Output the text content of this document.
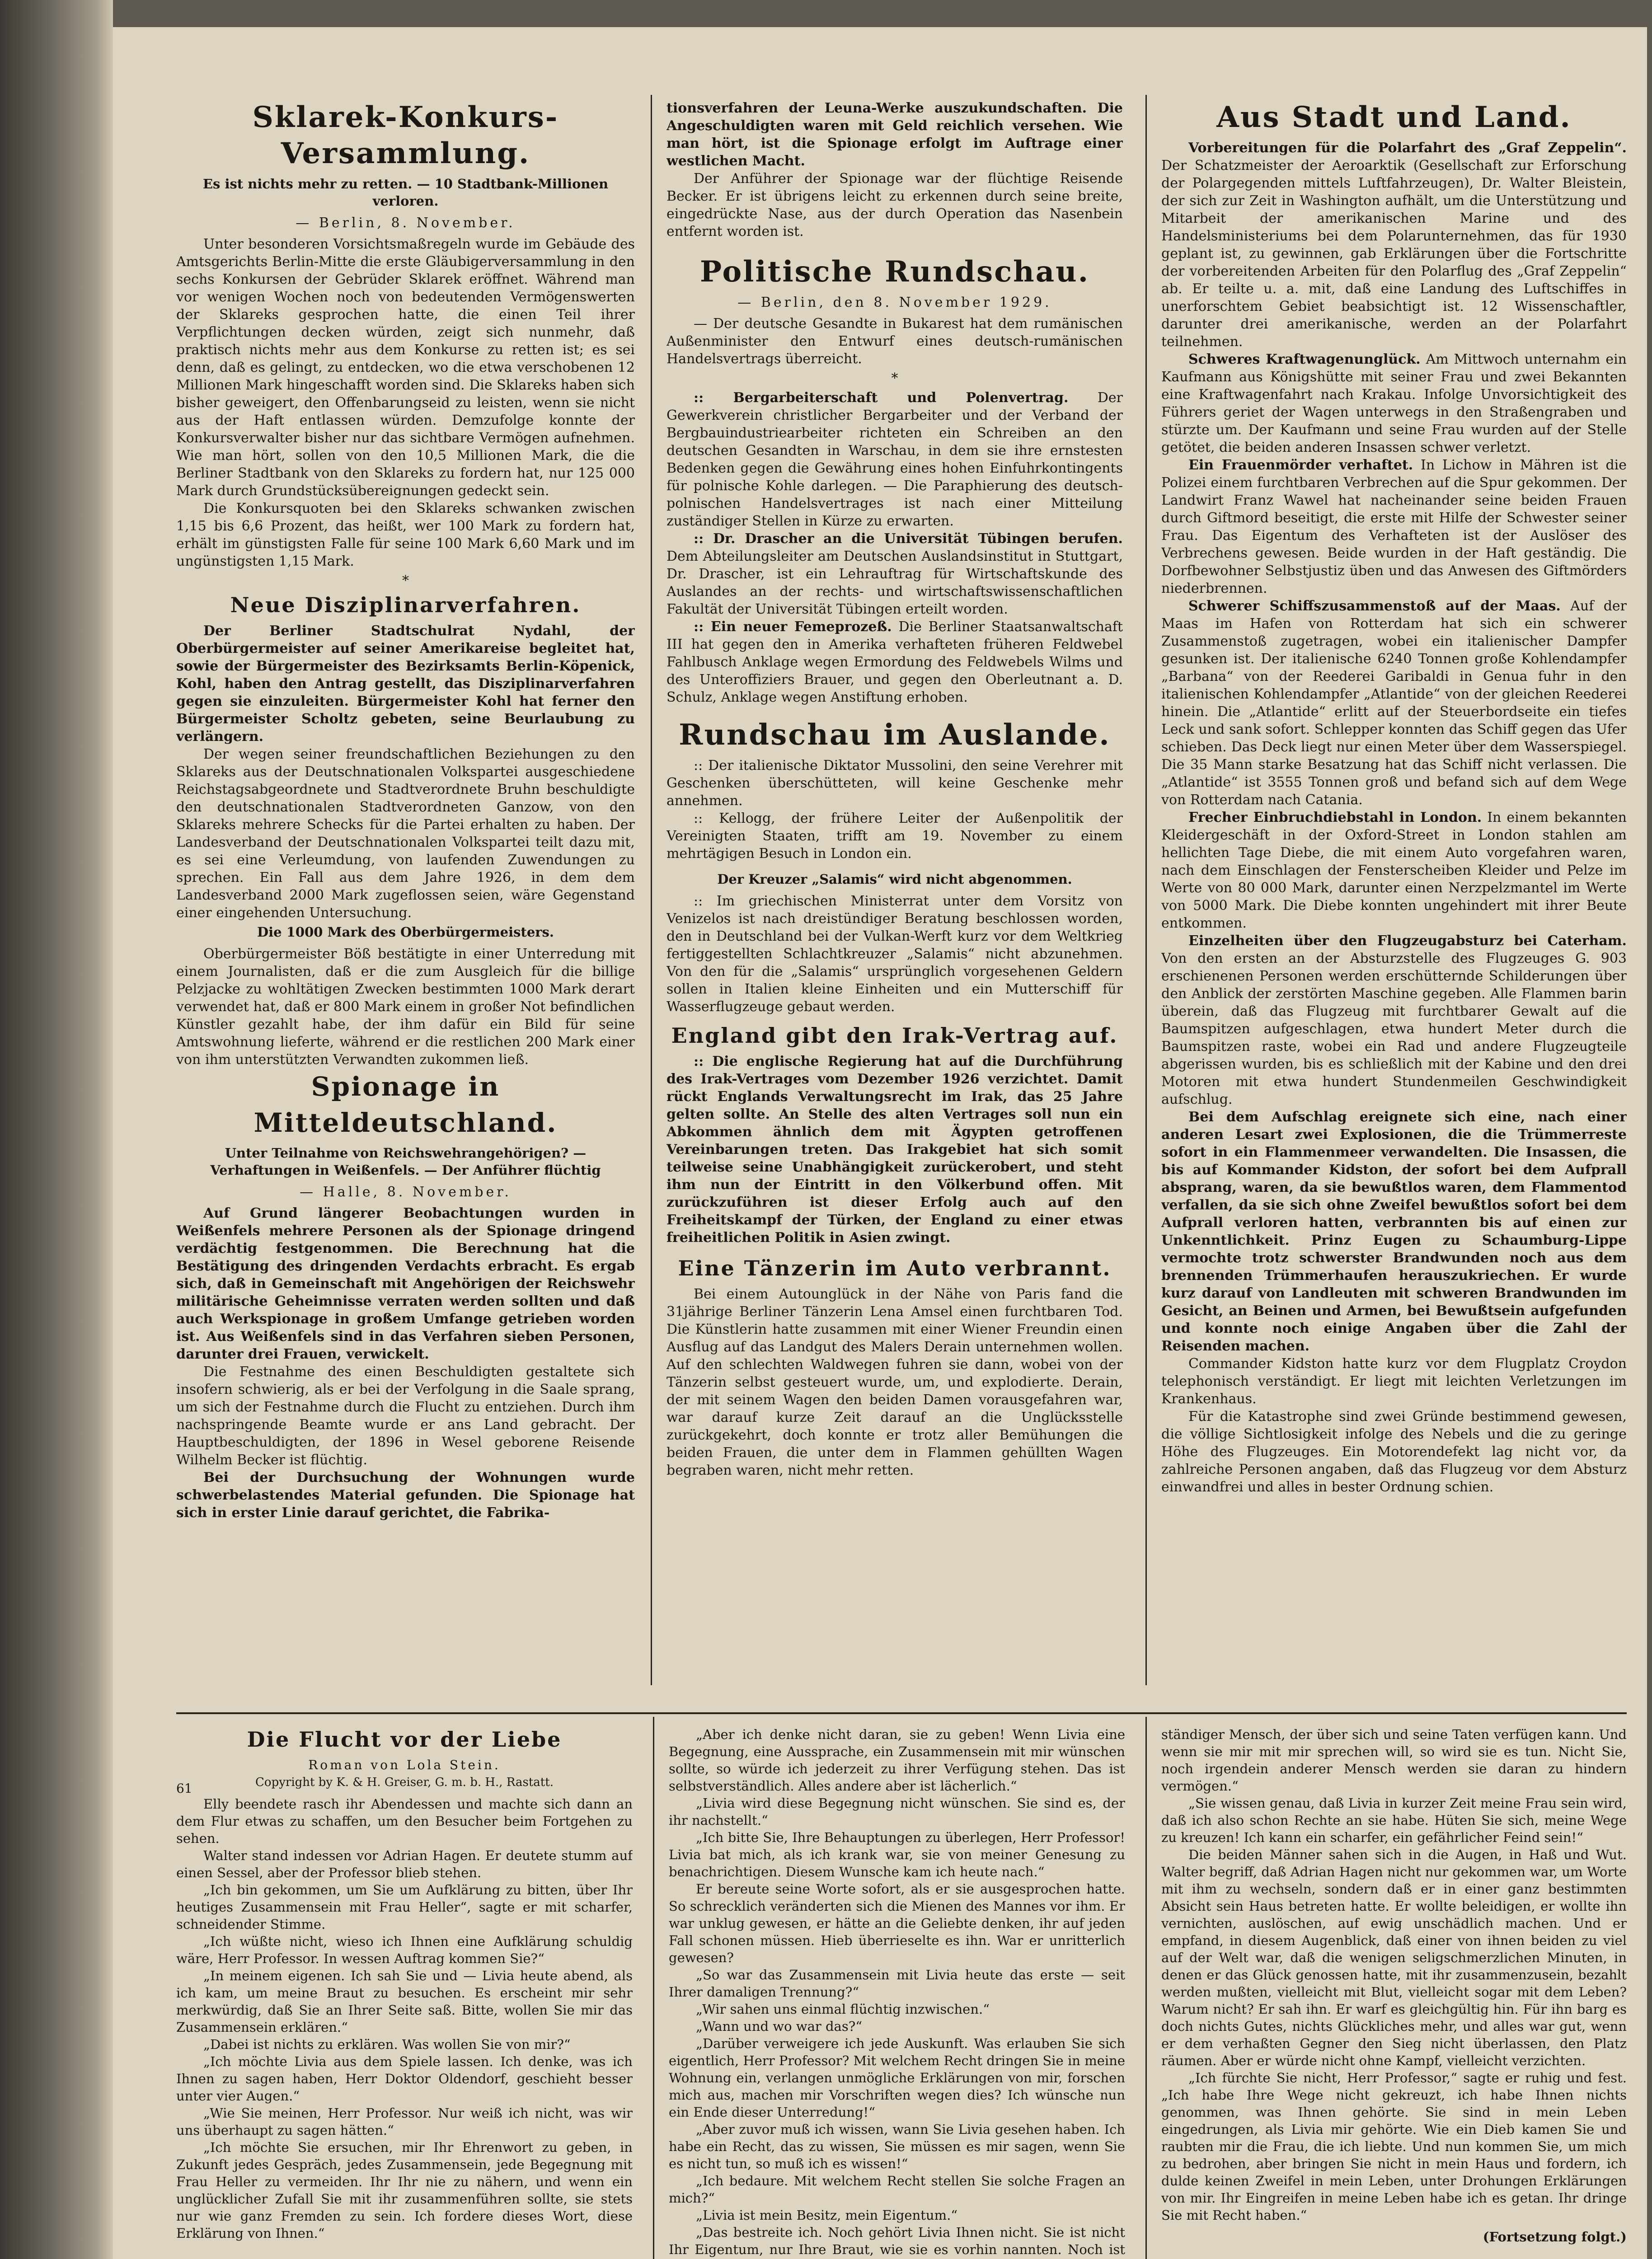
Sklarek-Konkurs-Versammlung.
Es ist nichts mehr zu retten. — 10 Stadtbank-Millionen verloren.
— Berlin, 8. November.

Unter besonderen Vorsichtsmaßregeln wurde im Gebäude des Amtsgerichts Berlin-Mitte die erste Gläubigerversammlung in den sechs Konkursen der Gebrüder Sklarek eröffnet. Während man vor wenigen Wochen noch von bedeutenden Vermögenswerten der Sklareks gesprochen hatte, die einen Teil ihrer Verpflichtungen decken würden, zeigt sich nunmehr, daß praktisch nichts mehr aus dem Konkurse zu retten ist; es sei denn, daß es gelingt, zu entdecken, wo die etwa verschobenen 12 Millionen Mark hingeschafft worden sind. Die Sklareks haben sich bisher geweigert, den Offenbarungseid zu leisten, wenn sie nicht aus der Haft entlassen würden. Demzufolge konnte der Konkursverwalter bisher nur das sichtbare Vermögen aufnehmen. Wie man hört, sollen von den 10,5 Millionen Mark, die die Berliner Stadtbank von den Sklareks zu fordern hat, nur 125 000 Mark durch Grundstücksübereignungen gedeckt sein.

Die Konkursquoten bei den Sklareks schwanken zwischen 1,15 bis 6,6 Prozent, das heißt, wer 100 Mark zu fordern hat, erhält im günstigsten Falle für seine 100 Mark 6,60 Mark und im ungünstigsten 1,15 Mark.

*
Neue Disziplinarverfahren.

Der Berliner Stadtschulrat Nydahl, der Oberbürgermeister auf seiner Amerikareise begleitet hat, sowie der Bürgermeister des Bezirksamts Berlin-Köpenick, Kohl, haben den Antrag gestellt, das Disziplinarverfahren gegen sie einzuleiten. Bürgermeister Kohl hat ferner den Bürgermeister Scholtz gebeten, seine Beurlaubung zu verlängern.

Der wegen seiner freundschaftlichen Beziehungen zu den Sklareks aus der Deutschnationalen Volkspartei ausgeschiedene Reichstagsabgeordnete und Stadtverordnete Bruhn beschuldigte den deutschnationalen Stadtverordneten Ganzow, von den Sklareks mehrere Schecks für die Partei erhalten zu haben. Der Landesverband der Deutschnationalen Volkspartei teilt dazu mit, es sei eine Verleumdung, von laufenden Zuwendungen zu sprechen. Ein Fall aus dem Jahre 1926, in dem dem Landesverband 2000 Mark zugeflossen seien, wäre Gegenstand einer eingehenden Untersuchung.

Die 1000 Mark des Oberbürgermeisters.

Oberbürgermeister Böß bestätigte in einer Unterredung mit einem Journalisten, daß er die zum Ausgleich für die billige Pelzjacke zu wohltätigen Zwecken bestimmten 1000 Mark derart verwendet hat, daß er 800 Mark einem in großer Not befindlichen Künstler gezahlt habe, der ihm dafür ein Bild für seine Amtswohnung lieferte, während er die restlichen 200 Mark einer von ihm unterstützten Verwandten zukommen ließ.

Spionage in Mitteldeutschland.
Unter Teilnahme von Reichswehrangehörigen? — Verhaftungen in Weißenfels. — Der Anführer flüchtig
— Halle, 8. November.

Auf Grund längerer Beobachtungen wurden in Weißenfels mehrere Personen als der Spionage dringend verdächtig festgenommen. Die Berechnung hat die Bestätigung des dringenden Verdachts erbracht. Es ergab sich, daß in Gemeinschaft mit Angehörigen der Reichswehr militärische Geheimnisse verraten werden sollten und daß auch Werkspionage in großem Umfange getrieben worden ist. Aus Weißenfels sind in das Verfahren sieben Personen, darunter drei Frauen, verwickelt.

Die Festnahme des einen Beschuldigten gestaltete sich insofern schwierig, als er bei der Verfolgung in die Saale sprang, um sich der Festnahme durch die Flucht zu entziehen. Durch ihm nachspringende Beamte wurde er ans Land gebracht. Der Hauptbeschuldigten, der 1896 in Wesel geborene Reisende Wilhelm Becker ist flüchtig.

Bei der Durchsuchung der Wohnungen wurde schwerbelastendes Material gefunden. Die Spionage hat sich in erster Linie darauf gerichtet, die Fabrika-

tionsverfahren der Leuna-Werke auszukundschaften. Die Angeschuldigten waren mit Geld reichlich versehen. Wie man hört, ist die Spionage erfolgt im Auftrage einer westlichen Macht.

Der Anführer der Spionage war der flüchtige Reisende Becker. Er ist übrigens leicht zu erkennen durch seine breite, eingedrückte Nase, aus der durch Operation das Nasenbein entfernt worden ist.

Politische Rundschau.
— Berlin, den 8. November 1929.

— Der deutsche Gesandte in Bukarest hat dem rumänischen Außenminister den Entwurf eines deutsch-rumänischen Handelsvertrags überreicht.

*

:: Bergarbeiterschaft und Polenvertrag. Der Gewerkverein christlicher Bergarbeiter und der Verband der Bergbauindustriearbeiter richteten ein Schreiben an den deutschen Gesandten in Warschau, in dem sie ihre ernstesten Bedenken gegen die Gewährung eines hohen Einfuhrkontingents für polnische Kohle darlegen. — Die Paraphierung des deutsch-polnischen Handelsvertrages ist nach einer Mitteilung zuständiger Stellen in Kürze zu erwarten.

:: Dr. Drascher an die Universität Tübingen berufen. Dem Abteilungsleiter am Deutschen Auslandsinstitut in Stuttgart, Dr. Drascher, ist ein Lehrauftrag für Wirtschaftskunde des Auslandes an der rechts- und wirtschaftswissenschaftlichen Fakultät der Universität Tübingen erteilt worden.

:: Ein neuer Femeprozeß. Die Berliner Staatsanwaltschaft III hat gegen den in Amerika verhafteten früheren Feldwebel Fahlbusch Anklage wegen Ermordung des Feldwebels Wilms und des Unteroffiziers Brauer, und gegen den Oberleutnant a. D. Schulz, Anklage wegen Anstiftung erhoben.

Rundschau im Auslande.

:: Der italienische Diktator Mussolini, den seine Verehrer mit Geschenken überschütteten, will keine Geschenke mehr annehmen.

:: Kellogg, der frühere Leiter der Außenpolitik der Vereinigten Staaten, trifft am 19. November zu einem mehrtägigen Besuch in London ein.

Der Kreuzer „Salamis“ wird nicht abgenommen.

:: Im griechischen Ministerrat unter dem Vorsitz von Venizelos ist nach dreistündiger Beratung beschlossen worden, den in Deutschland bei der Vulkan-Werft kurz vor dem Weltkrieg fertiggestellten Schlachtkreuzer „Salamis“ nicht abzunehmen. Von den für die „Salamis“ ursprünglich vorgesehenen Geldern sollen in Italien kleine Einheiten und ein Mutterschiff für Wasserflugzeuge gebaut werden.

England gibt den Irak-Vertrag auf.

:: Die englische Regierung hat auf die Durchführung des Irak-Vertrages vom Dezember 1926 verzichtet. Damit rückt Englands Verwaltungsrecht im Irak, das 25 Jahre gelten sollte. An Stelle des alten Vertrages soll nun ein Abkommen ähnlich dem mit Ägypten getroffenen Vereinbarungen treten. Das Irakgebiet hat sich somit teilweise seine Unabhängigkeit zurückerobert, und steht ihm nun der Eintritt in den Völkerbund offen. Mit zurückzuführen ist dieser Erfolg auch auf den Freiheitskampf der Türken, der England zu einer etwas freiheitlichen Politik in Asien zwingt.

Eine Tänzerin im Auto verbrannt.

Bei einem Autounglück in der Nähe von Paris fand die 31jährige Berliner Tänzerin Lena Amsel einen furchtbaren Tod. Die Künstlerin hatte zusammen mit einer Wiener Freundin einen Ausflug auf das Landgut des Malers Derain unternehmen wollen. Auf den schlechten Waldwegen fuhren sie dann, wobei von der Tänzerin selbst gesteuert wurde, um, und explodierte. Derain, der mit seinem Wagen den beiden Damen vorausgefahren war, war darauf kurze Zeit darauf an die Unglücksstelle zurückgekehrt, doch konnte er trotz aller Bemühungen die beiden Frauen, die unter dem in Flammen gehüllten Wagen begraben waren, nicht mehr retten.

Aus Stadt und Land.

Vorbereitungen für die Polarfahrt des „Graf Zeppelin“. Der Schatzmeister der Aeroarktik (Gesellschaft zur Erforschung der Polargegenden mittels Luftfahrzeugen), Dr. Walter Bleistein, der sich zur Zeit in Washington aufhält, um die Unterstützung und Mitarbeit der amerikanischen Marine und des Handelsministeriums bei dem Polarunternehmen, das für 1930 geplant ist, zu gewinnen, gab Erklärungen über die Fortschritte der vorbereitenden Arbeiten für den Polarflug des „Graf Zeppelin“ ab. Er teilte u. a. mit, daß eine Landung des Luftschiffes in unerforschtem Gebiet beabsichtigt ist. 12 Wissenschaftler, darunter drei amerikanische, werden an der Polarfahrt teilnehmen.

Schweres Kraftwagenunglück. Am Mittwoch unternahm ein Kaufmann aus Königshütte mit seiner Frau und zwei Bekannten eine Kraftwagenfahrt nach Krakau. Infolge Unvorsichtigkeit des Führers geriet der Wagen unterwegs in den Straßengraben und stürzte um. Der Kaufmann und seine Frau wurden auf der Stelle getötet, die beiden anderen Insassen schwer verletzt.

Ein Frauenmörder verhaftet. In Lichow in Mähren ist die Polizei einem furchtbaren Verbrechen auf die Spur gekommen. Der Landwirt Franz Wawel hat nacheinander seine beiden Frauen durch Giftmord beseitigt, die erste mit Hilfe der Schwester seiner Frau. Das Eigentum des Verhafteten ist der Auslöser des Verbrechens gewesen. Beide wurden in der Haft geständig. Die Dorfbewohner Selbstjustiz üben und das Anwesen des Giftmörders niederbrennen.

Schwerer Schiffszusammenstoß auf der Maas. Auf der Maas im Hafen von Rotterdam hat sich ein schwerer Zusammenstoß zugetragen, wobei ein italienischer Dampfer gesunken ist. Der italienische 6240 Tonnen große Kohlendampfer „Barbana“ von der Reederei Garibaldi in Genua fuhr in den italienischen Kohlendampfer „Atlantide“ von der gleichen Reederei hinein. Die „Atlantide“ erlitt auf der Steuerbordseite ein tiefes Leck und sank sofort. Schlepper konnten das Schiff gegen das Ufer schieben. Das Deck liegt nur einen Meter über dem Wasserspiegel. Die 35 Mann starke Besatzung hat das Schiff nicht verlassen. Die „Atlantide“ ist 3555 Tonnen groß und befand sich auf dem Wege von Rotterdam nach Catania.

Frecher Einbruchdiebstahl in London. In einem bekannten Kleidergeschäft in der Oxford-Street in London stahlen am hellichten Tage Diebe, die mit einem Auto vorgefahren waren, nach dem Einschlagen der Fensterscheiben Kleider und Pelze im Werte von 80 000 Mark, darunter einen Nerzpelzmantel im Werte von 5000 Mark. Die Diebe konnten ungehindert mit ihrer Beute entkommen.

Einzelheiten über den Flugzeugabsturz bei Caterham. Von den ersten an der Absturzstelle des Flugzeuges G. 903 erschienenen Personen werden erschütternde Schilderungen über den Anblick der zerstörten Maschine gegeben. Alle Flammen barin überein, daß das Flugzeug mit furchtbarer Gewalt auf die Baumspitzen aufgeschlagen, etwa hundert Meter durch die Baumspitzen raste, wobei ein Rad und andere Flugzeugteile abgerissen wurden, bis es schließlich mit der Kabine und den drei Motoren mit etwa hundert Stundenmeilen Geschwindigkeit aufschlug.

Bei dem Aufschlag ereignete sich eine, nach einer anderen Lesart zwei Explosionen, die die Trümmerreste sofort in ein Flammenmeer verwandelten. Die Insassen, die bis auf Kommander Kidston, der sofort bei dem Aufprall absprang, waren, da sie bewußtlos waren, dem Flammentod verfallen, da sie sich ohne Zweifel bewußtlos sofort bei dem Aufprall verloren hatten, verbrannten bis auf einen zur Unkenntlichkeit. Prinz Eugen zu Schaumburg-Lippe vermochte trotz schwerster Brandwunden noch aus dem brennenden Trümmerhaufen herauszukriechen. Er wurde kurz darauf von Landleuten mit schweren Brandwunden im Gesicht, an Beinen und Armen, bei Bewußtsein aufgefunden und konnte noch einige Angaben über die Zahl der Reisenden machen.

Commander Kidston hatte kurz vor dem Flugplatz Croydon telephonisch verständigt. Er liegt mit leichten Verletzungen im Krankenhaus.

Für die Katastrophe sind zwei Gründe bestimmend gewesen, die völlige Sichtlosigkeit infolge des Nebels und die zu geringe Höhe des Flugzeuges. Ein Motorendefekt lag nicht vor, da zahlreiche Personen angaben, daß das Flugzeug vor dem Absturz einwandfrei und alles in bester Ordnung schien.

61
Die Flucht vor der Liebe
Roman von Lola Stein.
Copyright by K. & H. Greiser, G. m. b. H., Rastatt.

Elly beendete rasch ihr Abendessen und machte sich dann an dem Flur etwas zu schaffen, um den Besucher beim Fortgehen zu sehen.

Walter stand indessen vor Adrian Hagen. Er deutete stumm auf einen Sessel, aber der Professor blieb stehen.

„Ich bin gekommen, um Sie um Aufklärung zu bitten, über Ihr heutiges Zusammensein mit Frau Heller“, sagte er mit scharfer, schneidender Stimme.

„Ich wüßte nicht, wieso ich Ihnen eine Aufklärung schuldig wäre, Herr Professor. In wessen Auftrag kommen Sie?“

„In meinem eigenen. Ich sah Sie und — Livia heute abend, als ich kam, um meine Braut zu besuchen. Es erscheint mir sehr merkwürdig, daß Sie an Ihrer Seite saß. Bitte, wollen Sie mir das Zusammensein erklären.“

„Dabei ist nichts zu erklären. Was wollen Sie von mir?“

„Ich möchte Livia aus dem Spiele lassen. Ich denke, was ich Ihnen zu sagen haben, Herr Doktor Oldendorf, geschieht besser unter vier Augen.“

„Wie Sie meinen, Herr Professor. Nur weiß ich nicht, was wir uns überhaupt zu sagen hätten.“

„Ich möchte Sie ersuchen, mir Ihr Ehrenwort zu geben, in Zukunft jedes Gespräch, jedes Zusammensein, jede Begegnung mit Frau Heller zu vermeiden. Ihr Ihr nie zu nähern, und wenn ein unglücklicher Zufall Sie mit ihr zusammenführen sollte, sie stets nur wie ganz Fremden zu sein. Ich fordere dieses Wort, diese Erklärung von Ihnen.“

„Aber ich denke nicht daran, sie zu geben! Wenn Livia eine Begegnung, eine Aussprache, ein Zusammensein mit mir wünschen sollte, so würde ich jederzeit zu ihrer Verfügung stehen. Das ist selbstverständlich. Alles andere aber ist lächerlich.“

„Livia wird diese Begegnung nicht wünschen. Sie sind es, der ihr nachstellt.“

„Ich bitte Sie, Ihre Behauptungen zu überlegen, Herr Professor! Livia bat mich, als ich krank war, sie von meiner Genesung zu benachrichtigen. Diesem Wunsche kam ich heute nach.“

Er bereute seine Worte sofort, als er sie ausgesprochen hatte. So schrecklich veränderten sich die Mienen des Mannes vor ihm. Er war unklug gewesen, er hätte an die Geliebte denken, ihr auf jeden Fall schonen müssen. Hieb überrieselte es ihn. War er unritterlich gewesen?

„So war das Zusammensein mit Livia heute das erste — seit Ihrer damaligen Trennung?“

„Wir sahen uns einmal flüchtig inzwischen.“

„Wann und wo war das?“

„Darüber verweigere ich jede Auskunft. Was erlauben Sie sich eigentlich, Herr Professor? Mit welchem Recht dringen Sie in meine Wohnung ein, verlangen unmögliche Erklärungen von mir, forschen mich aus, machen mir Vorschriften wegen dies? Ich wünsche nun ein Ende dieser Unterredung!“

„Aber zuvor muß ich wissen, wann Sie Livia gesehen haben. Ich habe ein Recht, das zu wissen, Sie müssen es mir sagen, wenn Sie es nicht tun, so muß ich es wissen!“

„Ich bedaure. Mit welchem Recht stellen Sie solche Fragen an mich?“

„Livia ist mein Besitz, mein Eigentum.“

„Das bestreite ich. Noch gehört Livia Ihnen nicht. Sie ist nicht Ihr Eigentum, nur Ihre Braut, wie sie es vorhin nannten. Noch ist

ständiger Mensch, der über sich und seine Taten verfügen kann. Und wenn sie mir mit mir sprechen will, so wird sie es tun. Nicht Sie, noch irgendein anderer Mensch werden sie daran zu hindern vermögen.“

„Sie wissen genau, daß Livia in kurzer Zeit meine Frau sein wird, daß ich also schon Rechte an sie habe. Hüten Sie sich, meine Wege zu kreuzen! Ich kann ein scharfer, ein gefährlicher Feind sein!“

Die beiden Männer sahen sich in die Augen, in Haß und Wut. Walter begriff, daß Adrian Hagen nicht nur gekommen war, um Worte mit ihm zu wechseln, sondern daß er in einer ganz bestimmten Absicht sein Haus betreten hatte. Er wollte beleidigen, er wollte ihn vernichten, auslöschen, auf ewig unschädlich machen. Und er empfand, in diesem Augenblick, daß einer von ihnen beiden zu viel auf der Welt war, daß die wenigen seligschmerzlichen Minuten, in denen er das Glück genossen hatte, mit ihr zusammenzusein, bezahlt werden mußten, vielleicht mit Blut, vielleicht sogar mit dem Leben? Warum nicht? Er sah ihn. Er warf es gleichgültig hin. Für ihn barg es doch nichts Gutes, nichts Glückliches mehr, und alles war gut, wenn er dem verhaßten Gegner den Sieg nicht überlassen, den Platz räumen. Aber er würde nicht ohne Kampf, vielleicht verzichten.

„Ich fürchte Sie nicht, Herr Professor,“ sagte er ruhig und fest. „Ich habe Ihre Wege nicht gekreuzt, ich habe Ihnen nichts genommen, was Ihnen gehörte. Sie sind in mein Leben eingedrungen, als Livia mir gehörte. Wie ein Dieb kamen Sie und raubten mir die Frau, die ich liebte. Und nun kommen Sie, um mich zu bedrohen, aber bringen Sie nicht in mein Haus und fordern, ich dulde keinen Zweifel in mein Leben, unter Drohungen Erklärungen von mir. Ihr Eingreifen in meine Leben habe ich es getan. Ihr dringe Sie mit Recht haben.“

(Fortsetzung folgt.)
